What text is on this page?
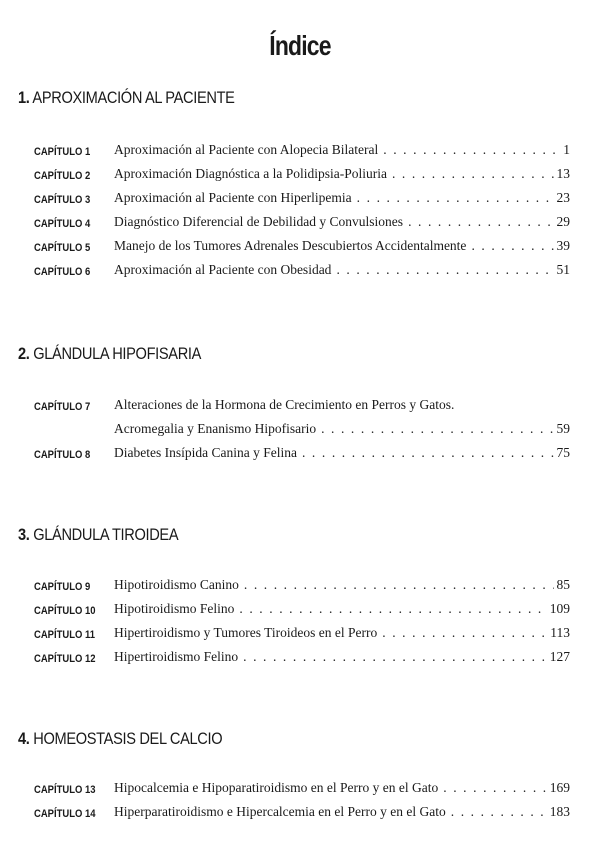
Índice
1. APROXIMACIÓN AL PACIENTE
CAPÍTULO 1 Aproximación al Paciente con Alopecia Bilateral . . .	1
CAPÍTULO 2 Aproximación Diagnóstica a la Polidipsia-Poliuria . . .	13
CAPÍTULO 3 Aproximación al Paciente con Hiperlipemia . . .	23
CAPÍTULO 4 Diagnóstico Diferencial de Debilidad y Convulsiones . . .	29
CAPÍTULO 5 Manejo de los Tumores Adrenales Descubiertos Accidentalmente . . .	39
CAPÍTULO 6 Aproximación al Paciente con Obesidad . . .	51
2. GLÁNDULA HIPOFISARIA
CAPÍTULO 7 Alteraciones de la Hormona de Crecimiento en Perros y Gatos.
Acromegalia y Enanismo Hipofisario . . .	59
CAPÍTULO 8 Diabetes Insípida Canina y Felina . . .	75
3. GLÁNDULA TIROIDEA
CAPÍTULO 9 Hipotiroidismo Canino . . .	85
CAPÍTULO 10 Hipotiroidismo Felino . . .	109
CAPÍTULO 11 Hipertiroidismo y Tumores Tiroideos en el Perro . . .	113
CAPÍTULO 12 Hipertiroidismo Felino . . .	127
4. HOMEOSTASIS DEL CALCIO
CAPÍTULO 13 Hipocalcemia e Hipoparatiroidismo en el Perro y en el Gato . . .	169
CAPÍTULO 14 Hiperparatiroidismo e Hipercalcemia en el Perro y en el Gato . . .	183
